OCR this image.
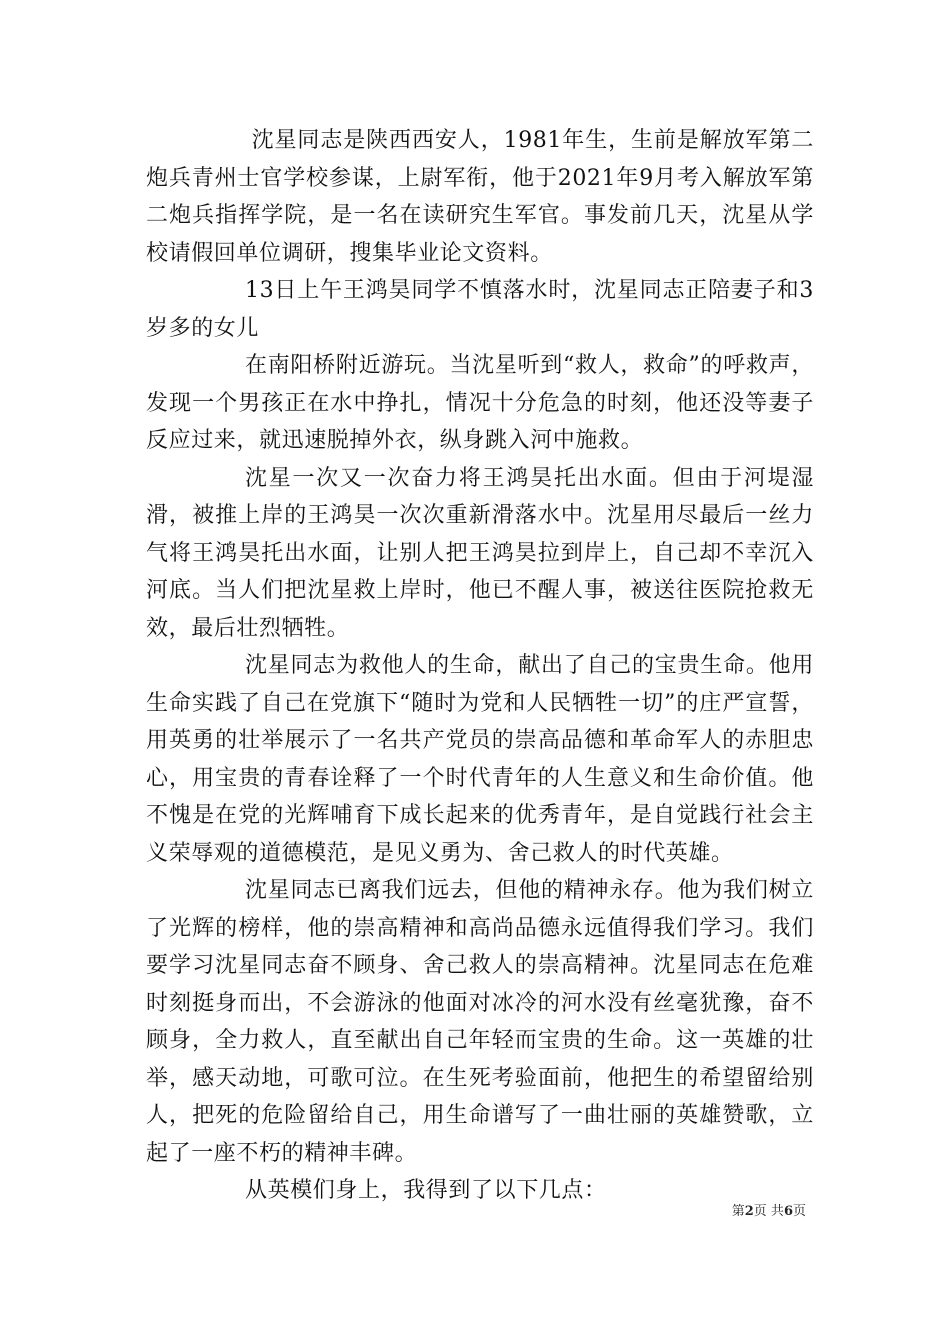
沈星同志是陕西西安人，1981年生，生前是解放军第二炮兵青州士官学校参谋，上尉军衔，他于2021年9月考入解放军第二炮兵指挥学院，是一名在读研究生军官。事发前几天，沈星从学校请假回单位调研，搜集毕业论文资料。

13日上午王鸿昊同学不慎落水时，沈星同志正陪妻子和3岁多的女儿

在南阳桥附近游玩。当沈星听到“救人，救命”的呼救声，发现一个男孩正在水中挣扎，情况十分危急的时刻，他还没等妻子反应过来，就迅速脱掉外衣，纵身跳入河中施救。

沈星一次又一次奋力将王鸿昊托出水面。但由于河堤湿滑，被推上岸的王鸿昊一次次重新滑落水中。沈星用尽最后一丝力气将王鸿昊托出水面，让别人把王鸿昊拉到岸上，自己却不幸沉入河底。当人们把沈星救上岸时，他已不醒人事，被送往医院抢救无效，最后壮烈牺牲。

沈星同志为救他人的生命，献出了自己的宝贵生命。他用生命实践了自己在党旗下“随时为党和人民牺牲一切”的庄严宣誓，用英勇的壮举展示了一名共产党员的崇高品德和革命军人的赤胆忠心，用宝贵的青春诠释了一个时代青年的人生意义和生命价值。他不愧是在党的光辉哺育下成长起来的优秀青年，是自觉践行社会主义荣辱观的道德模范，是见义勇为、舍己救人的时代英雄。

沈星同志已离我们远去，但他的精神永存。他为我们树立了光辉的榜样，他的崇高精神和高尚品德永远值得我们学习。我们要学习沈星同志奋不顾身、舍己救人的崇高精神。沈星同志在危难时刻挺身而出，不会游泳的他面对冰冷的河水没有丝毫犹豫，奋不顾身，全力救人，直至献出自己年轻而宝贵的生命。这一英雄的壮举，感天动地，可歌可泣。在生死考验面前，他把生的希望留给别人，把死的危险留给自己，用生命谱写了一曲壮丽的英雄赞歌，立起了一座不朽的精神丰碑。

从英模们身上，我得到了以下几点：

第2页 共6页
